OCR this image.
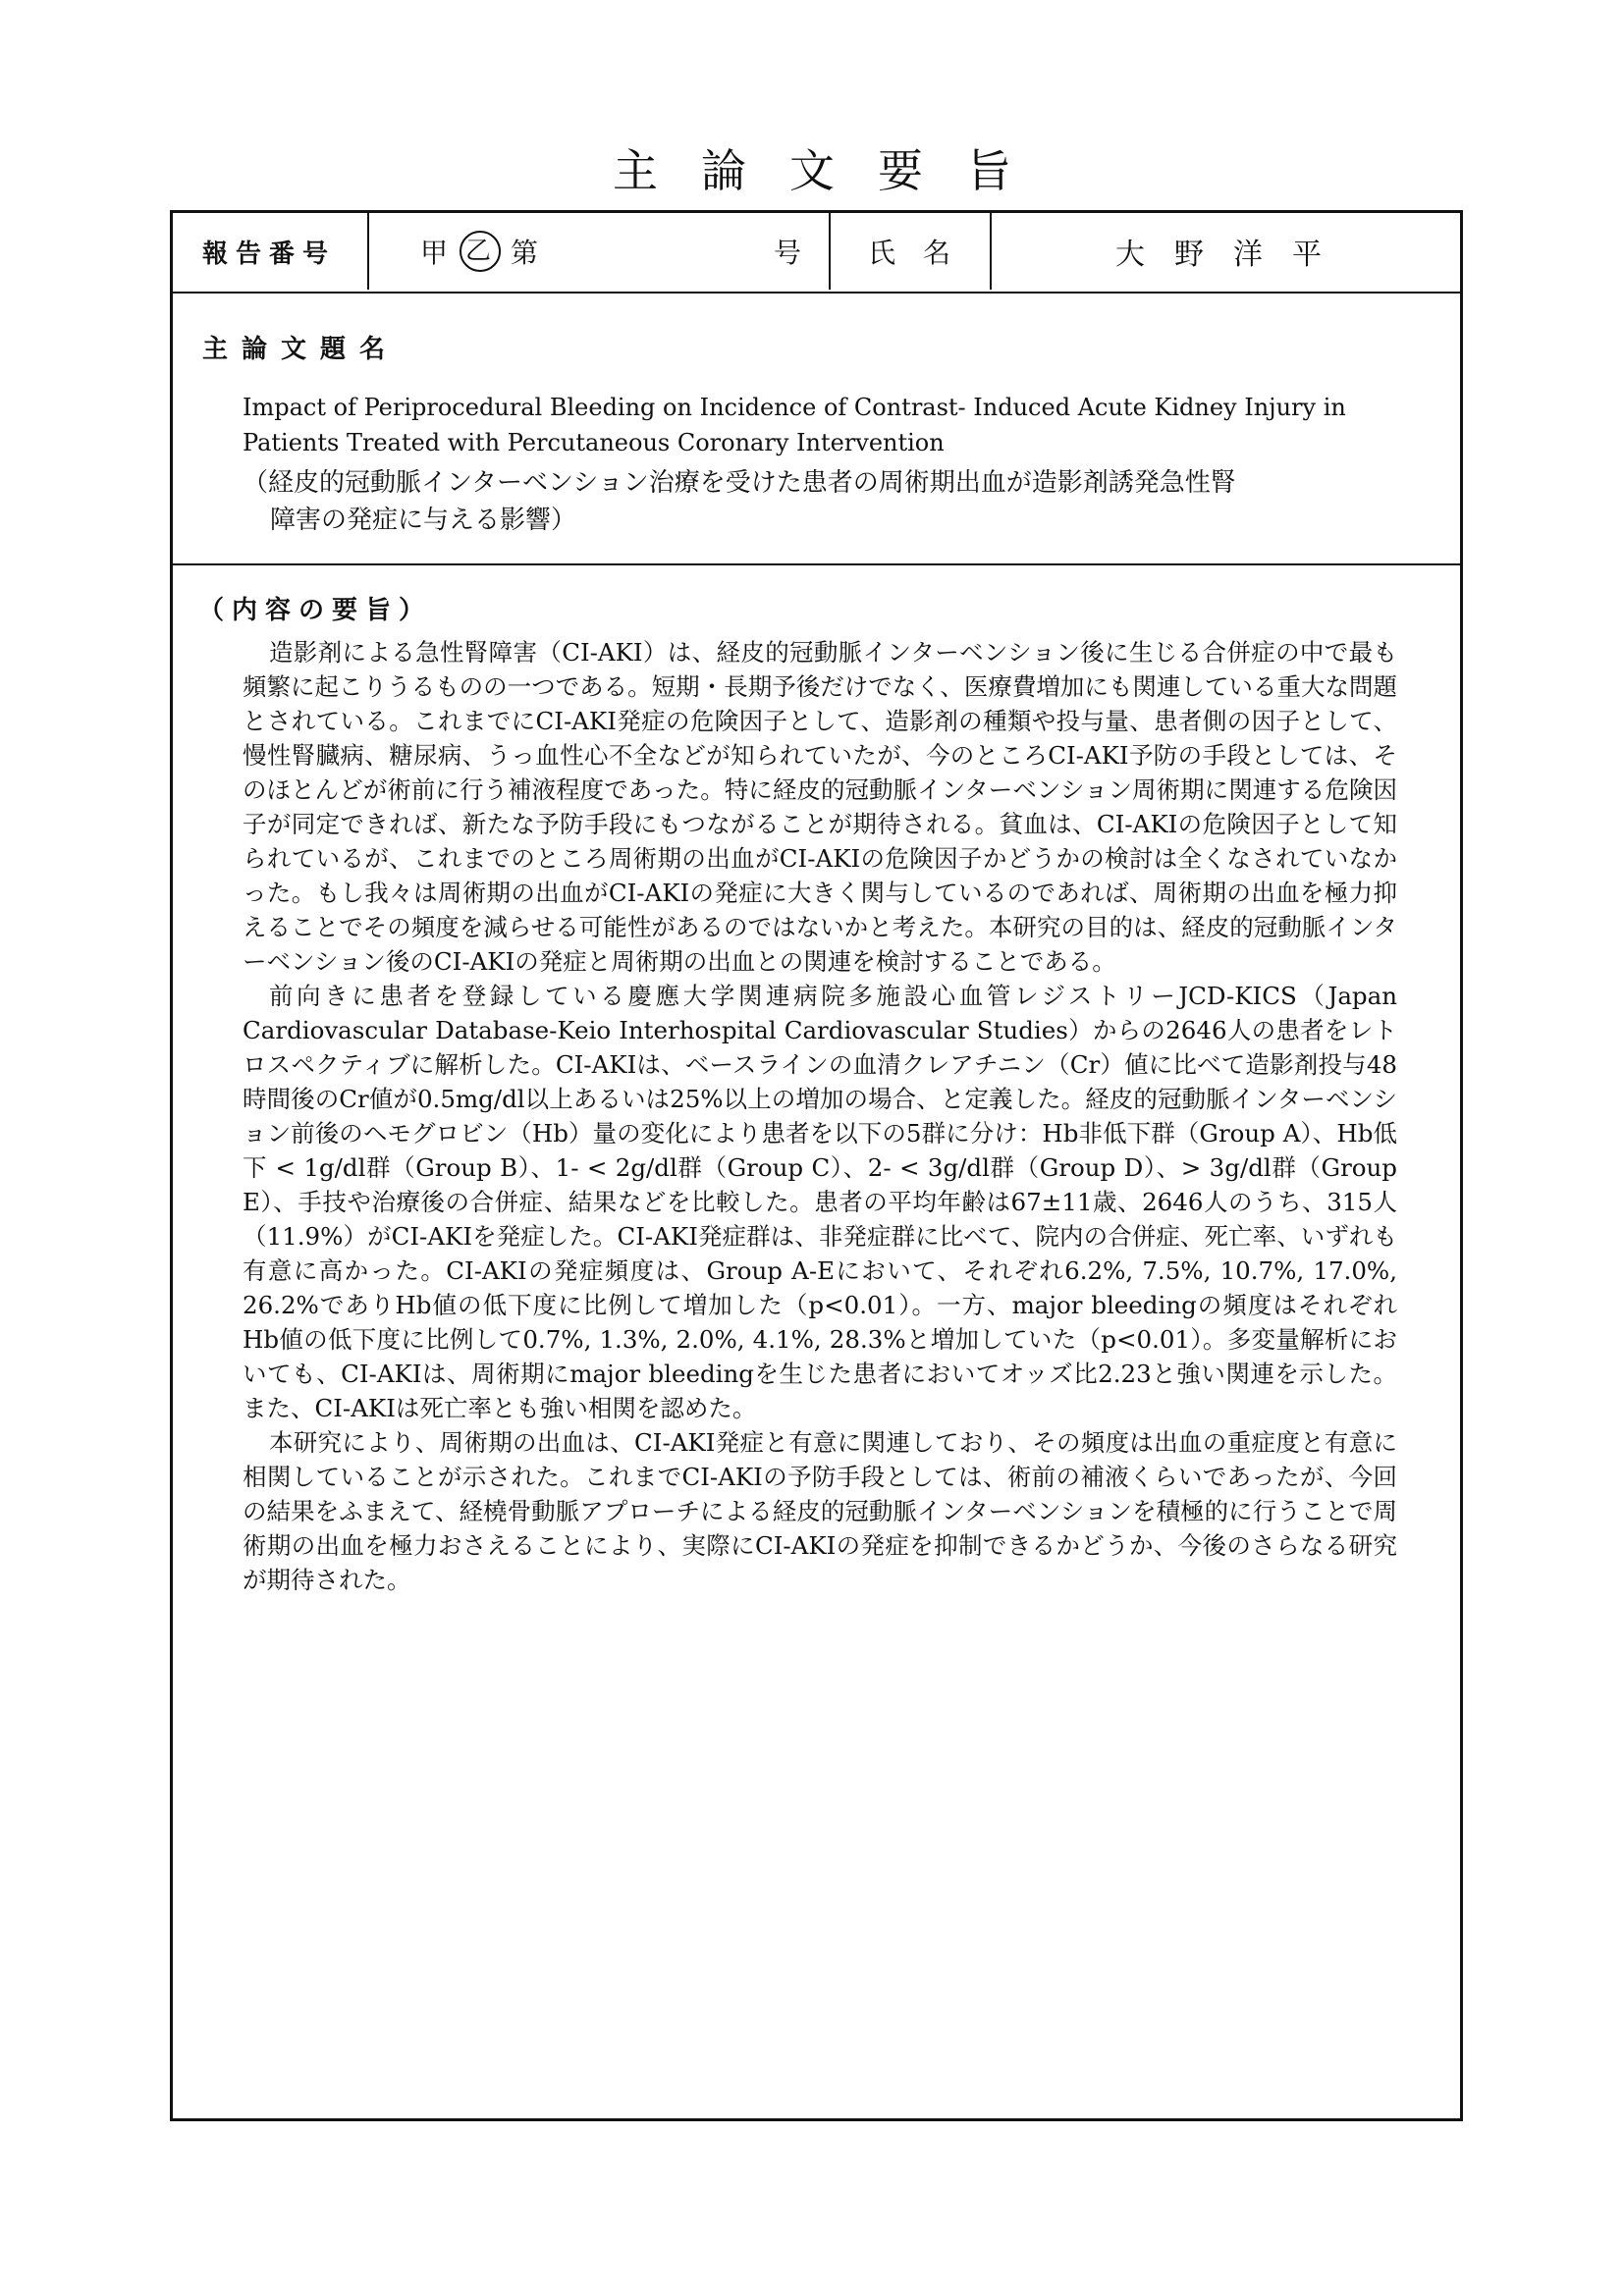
主論文要旨
報告番号	甲 乙 第	号 氏名	大野洋平
主論文題名
Impact of Periprocedural Bleeding on Incidence of Contrast- Induced Acute Kidney Injury in Patients Treated with Percutaneous Coronary Intervention
（経皮的冠動脈インターベンション治療を受けた患者の周術期出血が造影剤誘発急性腎
障害の発症に与える影響）
（内容の要旨）

造影剤による急性腎障害（CI-AKI）は、経皮的冠動脈インターベンション後に生じる合併症の中で最も頻繁に起こりうるものの一つである。短期・長期予後だけでなく、医療費増加にも関連している重大な問題とされている。これまでにCI-AKI発症の危険因子として、造影剤の種類や投与量、患者側の因子として、慢性腎臓病、糖尿病、うっ血性心不全などが知られていたが、今のところCI-AKI予防の手段としては、そのほとんどが術前に行う補液程度であった。特に経皮的冠動脈インターベンション周術期に関連する危険因子が同定できれば、新たな予防手段にもつながることが期待される。貧血は、CI-AKIの危険因子として知られているが、これまでのところ周術期の出血がCI-AKIの危険因子かどうかの検討は全くなされていなかった。もし我々は周術期の出血がCI-AKIの発症に大きく関与しているのであれば、周術期の出血を極力抑えることでその頻度を減らせる可能性があるのではないかと考えた。本研究の目的は、経皮的冠動脈インターベンション後のCI-AKIの発症と周術期の出血との関連を検討することである。

前向きに患者を登録している慶應大学関連病院多施設心血管レジストリーJCD-KICS（Japan Cardiovascular Database-Keio Interhospital Cardiovascular Studies）からの2646人の患者をレトロスペクティブに解析した。CI-AKIは、ベースラインの血清クレアチニン（Cr）値に比べて造影剤投与48時間後のCr値が0.5mg/dl以上あるいは25%以上の増加の場合、と定義した。経皮的冠動脈インターベンション前後のヘモグロビン（Hb）量の変化により患者を以下の5群に分け：Hb非低下群（Group A）、Hb低下 < 1g/dl群（Group B）、1- < 2g/dl群（Group C）、2- < 3g/dl群（Group D）、> 3g/dl群（Group E）、手技や治療後の合併症、結果などを比較した。患者の平均年齢は67±11歳、2646人のうち、315人（11.9%）がCI-AKIを発症した。CI-AKI発症群は、非発症群に比べて、院内の合併症、死亡率、いずれも有意に高かった。CI-AKIの発症頻度は、Group A-Eにおいて、それぞれ6.2%, 7.5%, 10.7%, 17.0%, 26.2%でありHb値の低下度に比例して増加した（p<0.01）。一方、major bleedingの頻度はそれぞれHb値の低下度に比例して0.7%, 1.3%, 2.0%, 4.1%, 28.3%と増加していた（p<0.01）。多変量解析においても、CI-AKIは、周術期にmajor bleedingを生じた患者においてオッズ比2.23と強い関連を示した。また、CI-AKIは死亡率とも強い相関を認めた。

本研究により、周術期の出血は、CI-AKI発症と有意に関連しており、その頻度は出血の重症度と有意に相関していることが示された。これまでCI-AKIの予防手段としては、術前の補液くらいであったが、今回の結果をふまえて、経橈骨動脈アプローチによる経皮的冠動脈インターベンションを積極的に行うことで周術期の出血を極力おさえることにより、実際にCI-AKIの発症を抑制できるかどうか、今後のさらなる研究が期待された。
